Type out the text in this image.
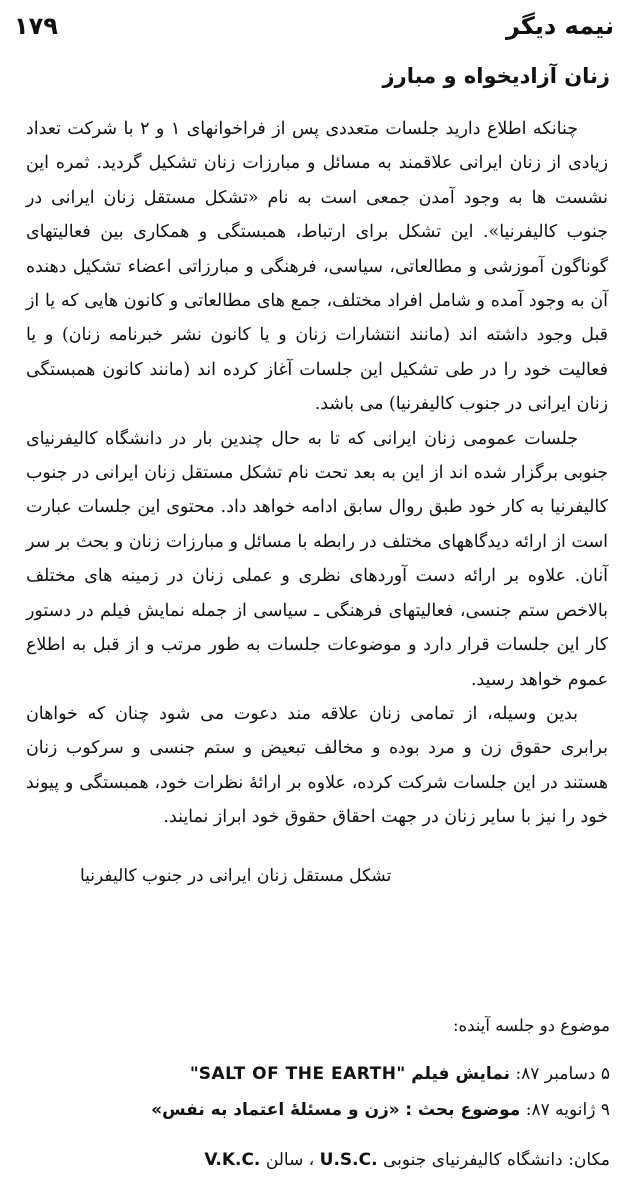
نیمه دیگر
۱۷۹
زنان آزادیخواه و مبارز

چنانکه اطلاع دارید جلسات متعددی پس از فراخوانهای ۱ و ۲ با شرکت تعداد زیادی از زنان ایرانی علاقمند به مسائل و مبارزات زنان تشکیل گردید. ثمره این نشست ها به وجود آمدن جمعی است به نام «تشکل مستقل زنان ایرانی در جنوب کالیفرنیا». این تشکل برای ارتباط، همبستگی و همکاری بین فعالیتهای گوناگون آموزشی و مطالعاتی، سیاسی، فرهنگی و مبارزاتی اعضاء تشکیل دهنده آن به وجود آمده و شامل افراد مختلف، جمع های مطالعاتی و کانون هایی که یا از قبل وجود داشته اند (مانند انتشارات زنان و یا کانون نشر خبرنامه زنان) و یا فعالیت خود را در طی تشکیل این جلسات آغاز کرده اند (مانند کانون همبستگی زنان ایرانی در جنوب کالیفرنیا) می باشد.

جلسات عمومی زنان ایرانی که تا به حال چندین بار در دانشگاه کالیفرنیای جنوبی برگزار شده اند از این به بعد تحت نام تشکل مستقل زنان ایرانی در جنوب کالیفرنیا به کار خود طبق روال سابق ادامه خواهد داد. محتوی این جلسات عبارت است از ارائه دیدگاههای مختلف در رابطه با مسائل و مبارزات زنان و بحث بر سر آنان. علاوه بر ارائه دست آوردهای نظری و عملی زنان در زمینه های مختلف بالاخص ستم جنسی، فعالیتهای فرهنگی ـ سیاسی از جمله نمایش فیلم در دستور کار این جلسات قرار دارد و موضوعات جلسات به طور مرتب و از قبل به اطلاع عموم خواهد رسید.

بدین وسیله، از تمامی زنان علاقه مند دعوت می شود چنان که خواهان برابری حقوق زن و مرد بوده و مخالف تبعیض و ستم جنسی و سرکوب زنان هستند در این جلسات شرکت کرده، علاوه بر ارائهٔ نظرات خود، همبستگی و پیوند خود را نیز با سایر زنان در جهت احقاق حقوق خود ابراز نمایند.

تشکل مستقل زنان ایرانی در جنوب کالیفرنیا
موضوع دو جلسه آینده:
۵ دسامبر ۸۷: نمایش فیلم "SALT OF THE EARTH"
۹ ژانویه ۸۷: موضوع بحث : «زن و مسئلهٔ اعتماد به نفس»
مکان: دانشگاه کالیفرنیای جنوبی U.S.C. ، سالن V.K.C.
